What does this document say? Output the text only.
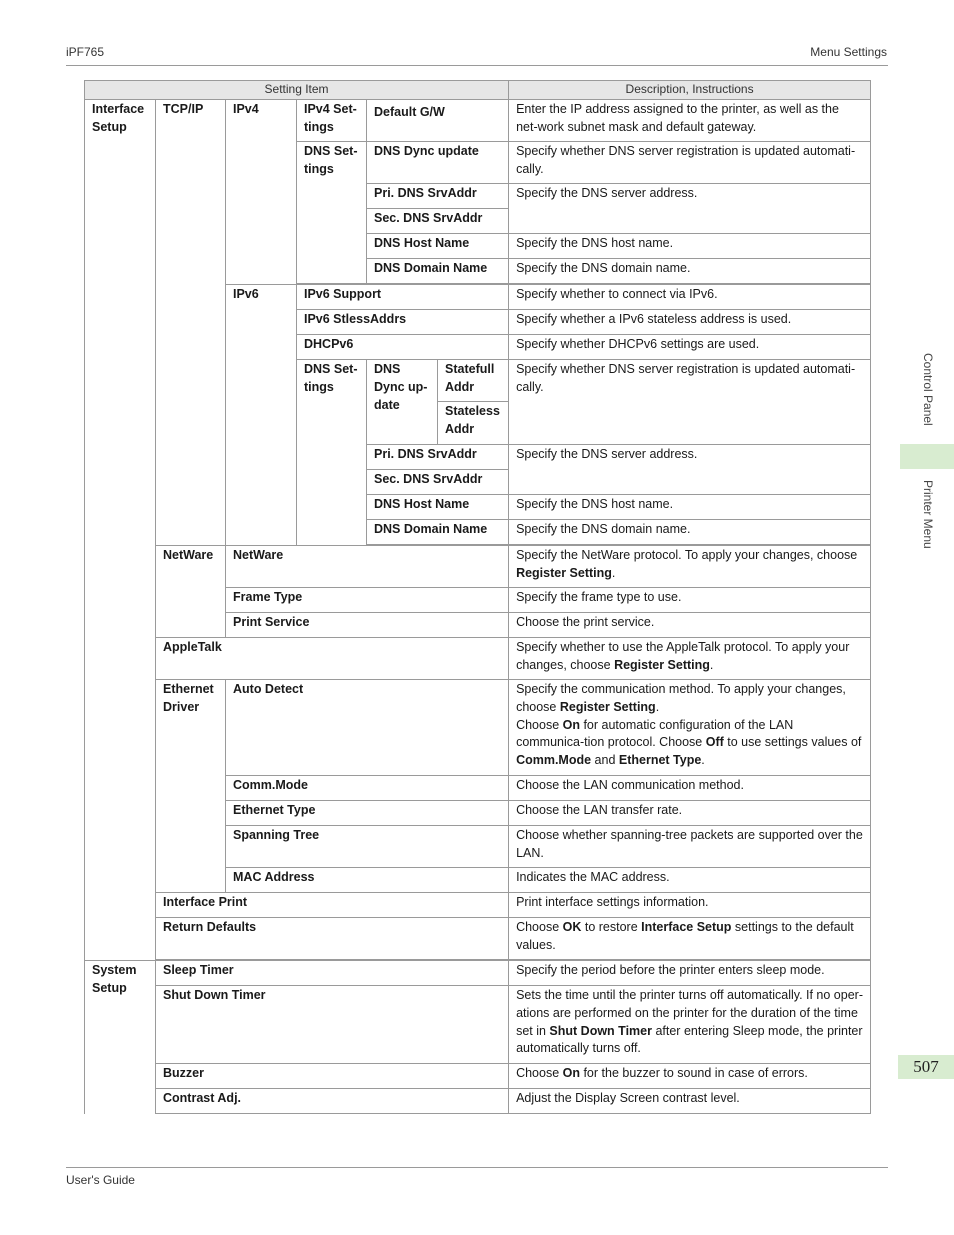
iPF765	Menu Settings
Control Panel
Printer Menu
507
Setting Item						Description, Instructions
Interface Setup	TCP/IP	IPv4	IPv4 Set-tings	Default G/W		Enter the IP address assigned to the printer, as well as the net-work subnet mask and default gateway.
			DNS Set-tings	DNS Dync update		Specify whether DNS server registration is updated automati-cally.
				Pri. DNS SrvAddr		Specify the DNS server address.
				Sec. DNS SrvAddr		
				DNS Host Name		Specify the DNS host name.
				DNS Domain Name		Specify the DNS domain name.

		IPv6	IPv6 Support			Specify whether to connect via IPv6.
			IPv6 StlessAddrs			Specify whether a IPv6 stateless address is used.
			DHCPv6			Specify whether DHCPv6 settings are used.
			DNS Set-tings	DNS Dync up-date	Statefull Addr	Specify whether DNS server registration is updated automati-cally.
					Stateless Addr	
				Pri. DNS SrvAddr		Specify the DNS server address.
				Sec. DNS SrvAddr		
				DNS Host Name		Specify the DNS host name.
				DNS Domain Name		Specify the DNS domain name.

	NetWare	NetWare				Specify the NetWare protocol. To apply your changes, choose Register Setting.
		Frame Type				Specify the frame type to use.
		Print Service				Choose the print service.
	AppleTalk					Specify whether to use the AppleTalk protocol. To apply your changes, choose Register Setting.
	Ethernet Driver	Auto Detect				Specify the communication method. To apply your changes, choose Register Setting.
Choose On for automatic configuration of the LAN communica-tion protocol. Choose Off to use settings values of Comm.Mode and Ethernet Type.
		Comm.Mode				Choose the LAN communication method.
		Ethernet Type				Choose the LAN transfer rate.
		Spanning Tree				Choose whether spanning-tree packets are supported over the LAN.
		MAC Address				Indicates the MAC address.
	Interface Print					Print interface settings information.
	Return Defaults					Choose OK to restore Interface Setup settings to the default values.

System Setup	Sleep Timer					Specify the period before the printer enters sleep mode.
	Shut Down Timer					Sets the time until the printer turns off automatically. If no oper-ations are performed on the printer for the duration of the time set in Shut Down Timer after entering Sleep mode, the printer automatically turns off.
	Buzzer					Choose On for the buzzer to sound in case of errors.
	Contrast Adj.					Adjust the Display Screen contrast level.
User's Guide
